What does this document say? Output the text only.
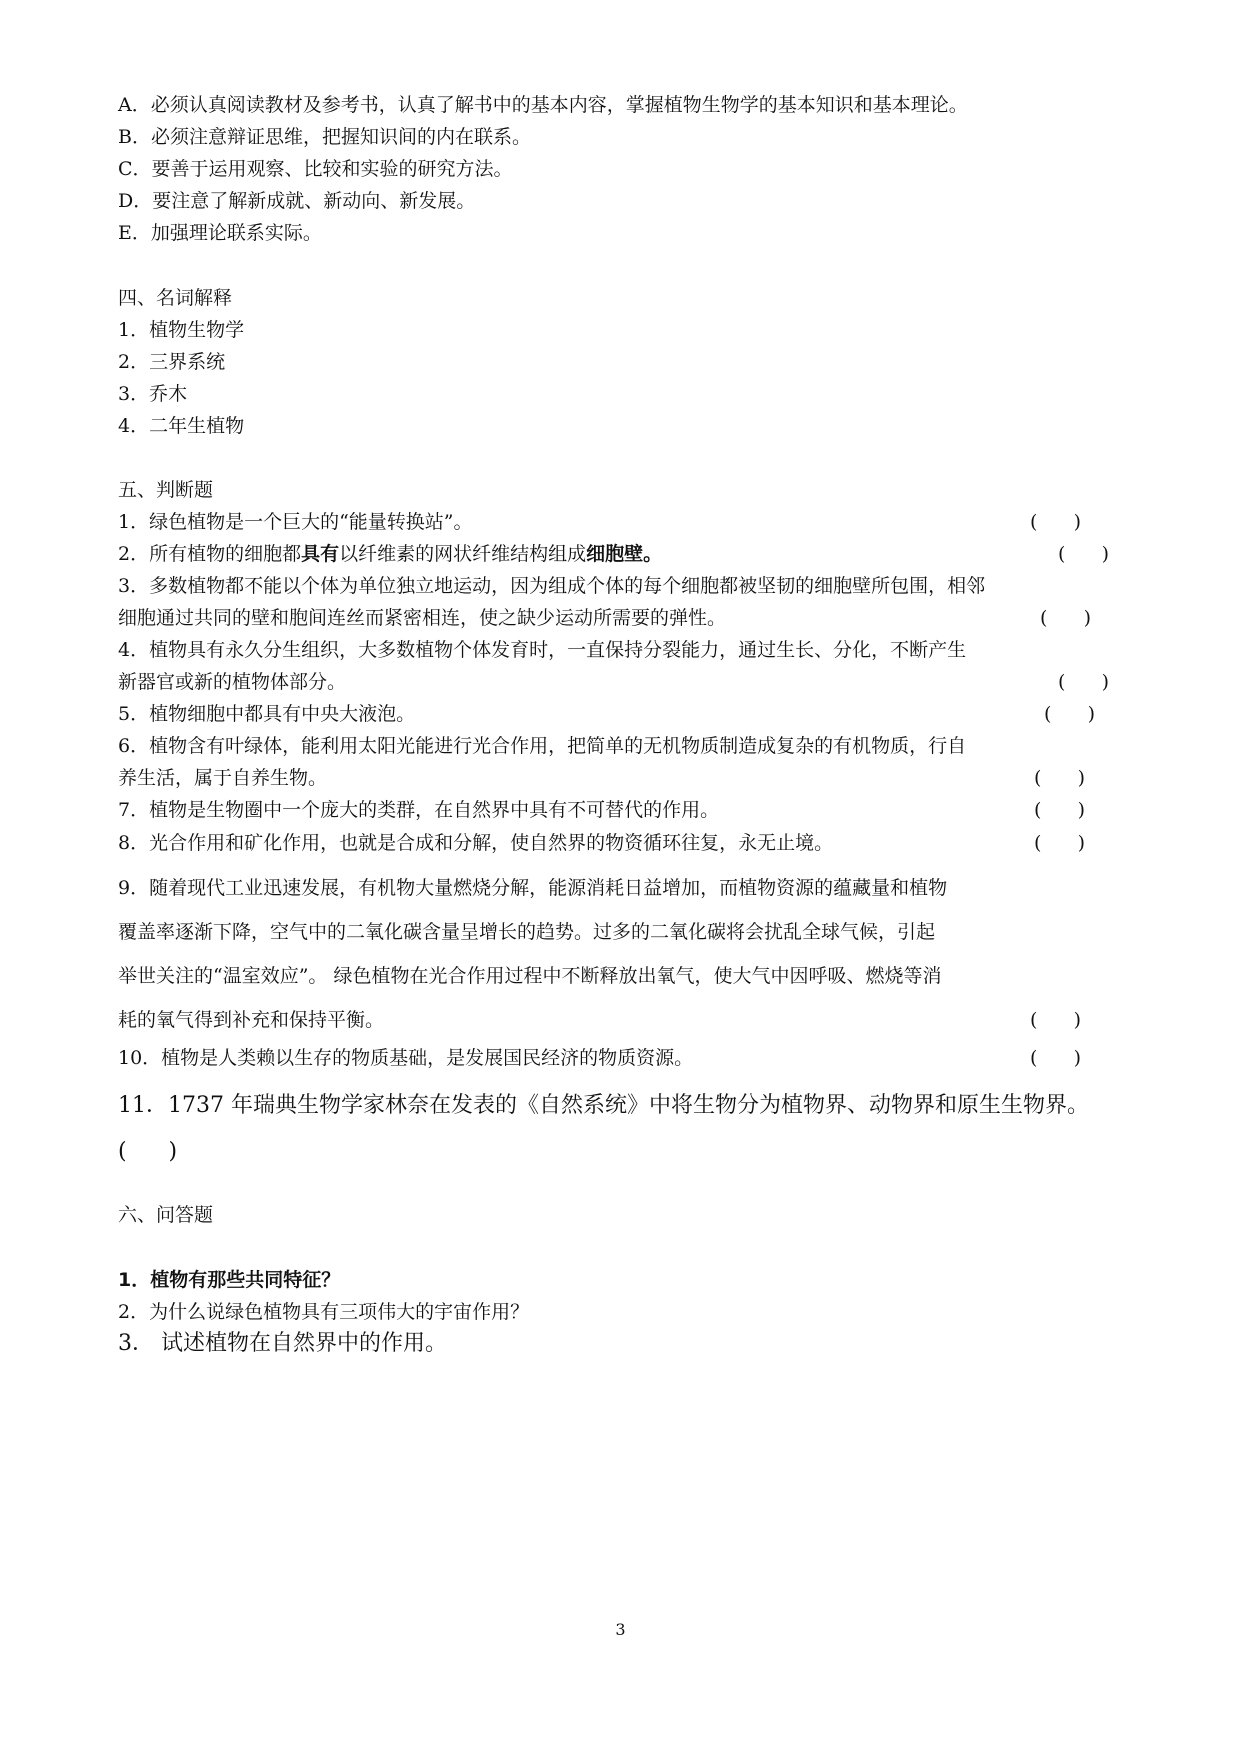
A．必须认真阅读教材及参考书，认真了解书中的基本内容，掌握植物生物学的基本知识和基本理论。
B．必须注意辩证思维，把握知识间的内在联系。
C．要善于运用观察、比较和实验的研究方法。
D．要注意了解新成就、新动向、新发展。
E．加强理论联系实际。
四、名词解释
1．植物生物学
2．三界系统
3．乔木
4．二年生植物
五、判断题
1．绿色植物是一个巨大的“能量转换站”。	(      )
2．所有植物的细胞都具有以纤维素的网状纤维结构组成细胞壁。	(      )
3．多数植物都不能以个体为单位独立地运动，因为组成个体的每个细胞都被坚韧的细胞壁所包围，相邻
细胞通过共同的壁和胞间连丝而紧密相连，使之缺少运动所需要的弹性。	(      )
4．植物具有永久分生组织，大多数植物个体发育时，一直保持分裂能力，通过生长、分化，不断产生
新器官或新的植物体部分。	(      )
5．植物细胞中都具有中央大液泡。	(      )
6．植物含有叶绿体，能利用太阳光能进行光合作用，把简单的无机物质制造成复杂的有机物质，行自
养生活，属于自养生物。	(      )
7．植物是生物圈中一个庞大的类群，在自然界中具有不可替代的作用。	(      )
8．光合作用和矿化作用，也就是合成和分解，使自然界的物资循环往复，永无止境。	(      )
9．随着现代工业迅速发展，有机物大量燃烧分解，能源消耗日益增加，而植物资源的蕴藏量和植物
覆盖率逐渐下降，空气中的二氧化碳含量呈增长的趋势。过多的二氧化碳将会扰乱全球气候，引起
举世关注的“温室效应”。 绿色植物在光合作用过程中不断释放出氧气，使大气中因呼吸、燃烧等消
耗的氧气得到补充和保持平衡。	(      )
10．植物是人类赖以生存的物质基础，是发展国民经济的物质资源。	(      )
11．1737 年瑞典生物学家林奈在发表的《自然系统》中将生物分为植物界、动物界和原生生物界。
(      )
六、问答题
1．植物有那些共同特征？
2．为什么说绿色植物具有三项伟大的宇宙作用？
3． 试述植物在自然界中的作用。
3
